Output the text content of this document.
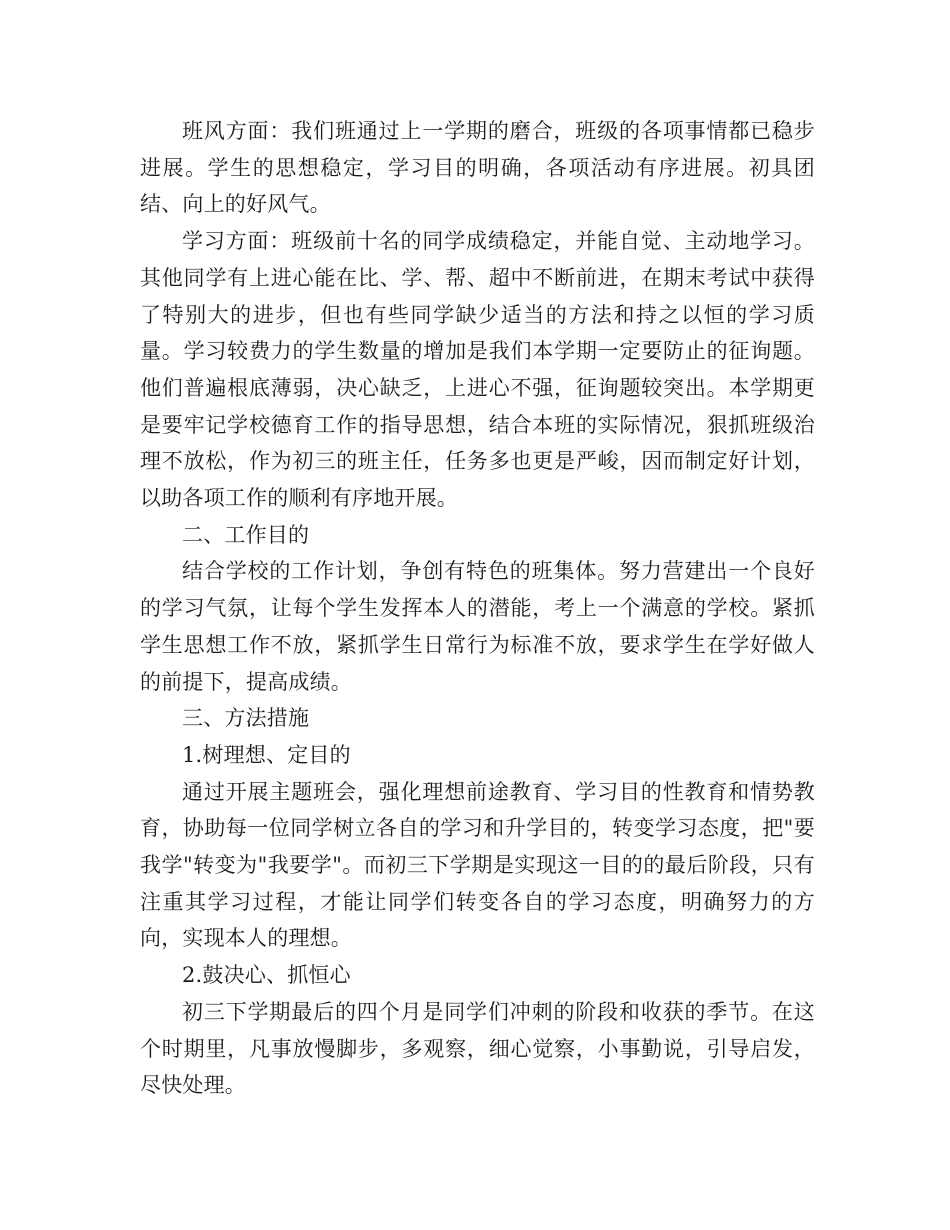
班风方面：我们班通过上一学期的磨合，班级的各项事情都已稳步进展。学生的思想稳定，学习目的明确，各项活动有序进展。初具团结、向上的好风气。

学习方面：班级前十名的同学成绩稳定，并能自觉、主动地学习。其他同学有上进心能在比、学、帮、超中不断前进，在期末考试中获得了特别大的进步，但也有些同学缺少适当的方法和持之以恒的学习质量。学习较费力的学生数量的增加是我们本学期一定要防止的征询题。他们普遍根底薄弱，决心缺乏，上进心不强，征询题较突出。本学期更是要牢记学校德育工作的指导思想，结合本班的实际情况，狠抓班级治理不放松，作为初三的班主任，任务多也更是严峻，因而制定好计划，以助各项工作的顺利有序地开展。

二、工作目的

结合学校的工作计划，争创有特色的班集体。努力营建出一个良好的学习气氛，让每个学生发挥本人的潜能，考上一个满意的学校。紧抓学生思想工作不放，紧抓学生日常行为标准不放，要求学生在学好做人的前提下，提高成绩。

三、方法措施

1.树理想、定目的

通过开展主题班会，强化理想前途教育、学习目的性教育和情势教育，协助每一位同学树立各自的学习和升学目的，转变学习态度，把"要我学"转变为"我要学"。而初三下学期是实现这一目的的最后阶段，只有注重其学习过程，才能让同学们转变各自的学习态度，明确努力的方向，实现本人的理想。

2.鼓决心、抓恒心

初三下学期最后的四个月是同学们冲刺的阶段和收获的季节。在这个时期里，凡事放慢脚步，多观察，细心觉察，小事勤说，引导启发，尽快处理。
